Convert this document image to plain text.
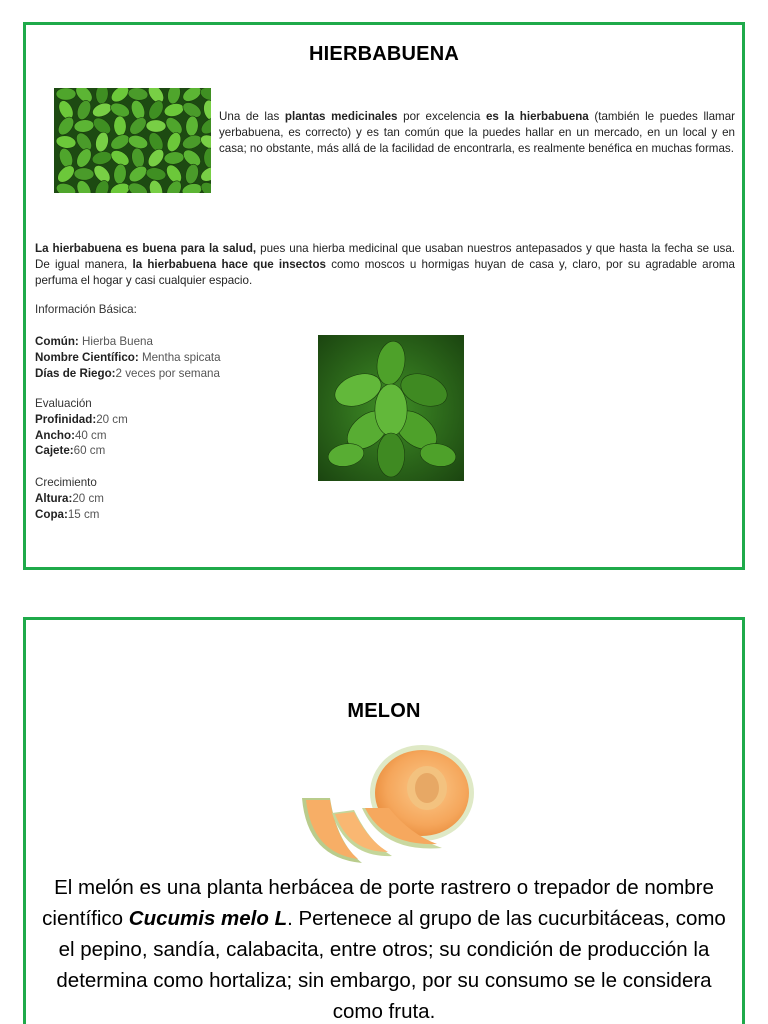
HIERBABUENA
Una de las plantas medicinales por excelencia es la hierbabuena (también le puedes llamar yerbabuena, es correcto) y es tan común que la puedes hallar en un mercado, en un local y en casa; no obstante, más allá de la facilidad de encontrarla, es realmente benéfica en muchas formas.
La hierbabuena es buena para la salud, pues una hierba medicinal que usaban nuestros antepasados y que hasta la fecha se usa. De igual manera, la hierbabuena hace que insectos como moscos u hormigas huyan de casa y, claro, por su agradable aroma perfuma el hogar y casi cualquier espacio.
Información Básica:
Común: Hierba Buena
Nombre Científico: Mentha spicata
Días de Riego:2 veces por semana
Evaluación
Profinidad:20 cm
Ancho:40 cm
Cajete:60 cm
Crecimiento
Altura:20 cm
Copa:15 cm
MELON
El melón es una planta herbácea de porte rastrero o trepador de nombre científico Cucumis melo L. Pertenece al grupo de las cucurbitáceas, como el pepino, sandía, calabacita, entre otros; su condición de producción la determina como hortaliza; sin embargo, por su consumo se le considera como fruta.
